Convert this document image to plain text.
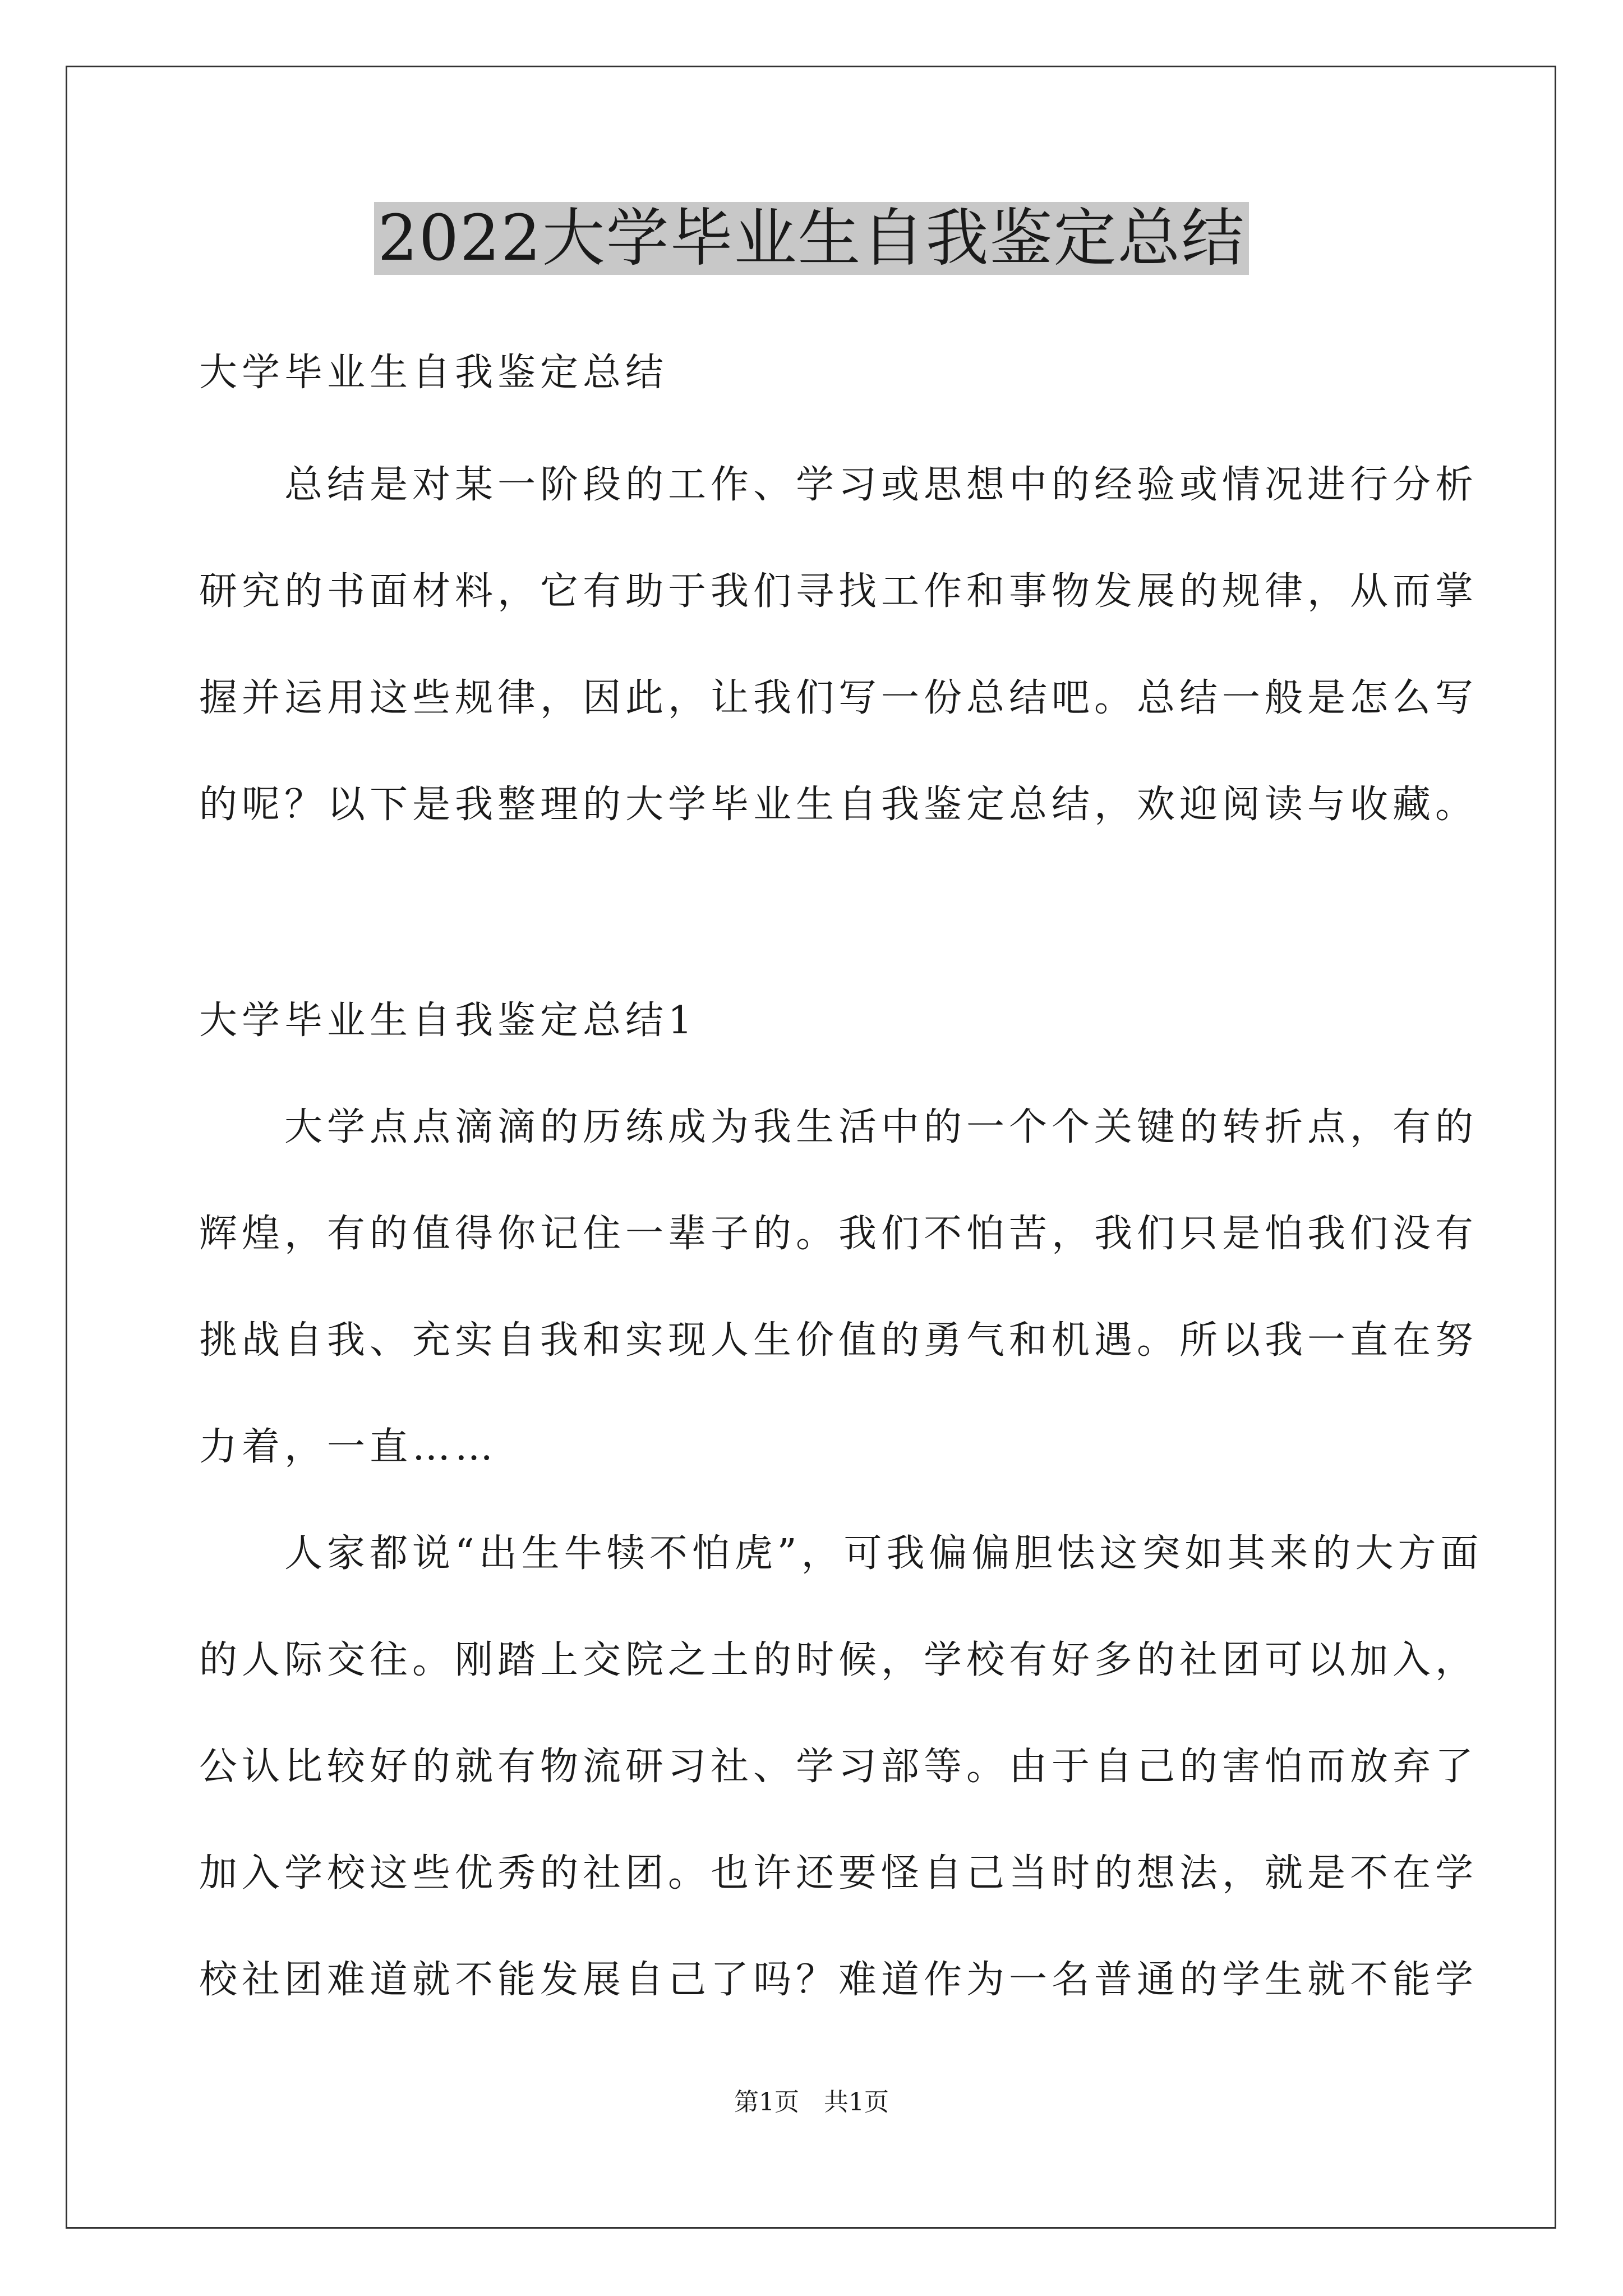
2022大学毕业生自我鉴定总结
大学毕业生自我鉴定总结
　　总结是对某一阶段的工作、学习或思想中的经验或情况进行分析
研究的书面材料，它有助于我们寻找工作和事物发展的规律，从而掌
握并运用这些规律，因此，让我们写一份总结吧。总结一般是怎么写
的呢？以下是我整理的大学毕业生自我鉴定总结，欢迎阅读与收藏。
大学毕业生自我鉴定总结1
　　大学点点滴滴的历练成为我生活中的一个个关键的转折点，有的
辉煌，有的值得你记住一辈子的。我们不怕苦，我们只是怕我们没有
挑战自我、充实自我和实现人生价值的勇气和机遇。所以我一直在努
力着，一直……
　　人家都说“出生牛犊不怕虎”，可我偏偏胆怯这突如其来的大方面
的人际交往。刚踏上交院之土的时候，学校有好多的社团可以加入，
公认比较好的就有物流研习社、学习部等。由于自己的害怕而放弃了
加入学校这些优秀的社团。也许还要怪自己当时的想法，就是不在学
校社团难道就不能发展自己了吗？难道作为一名普通的学生就不能学
第1页　共1页
